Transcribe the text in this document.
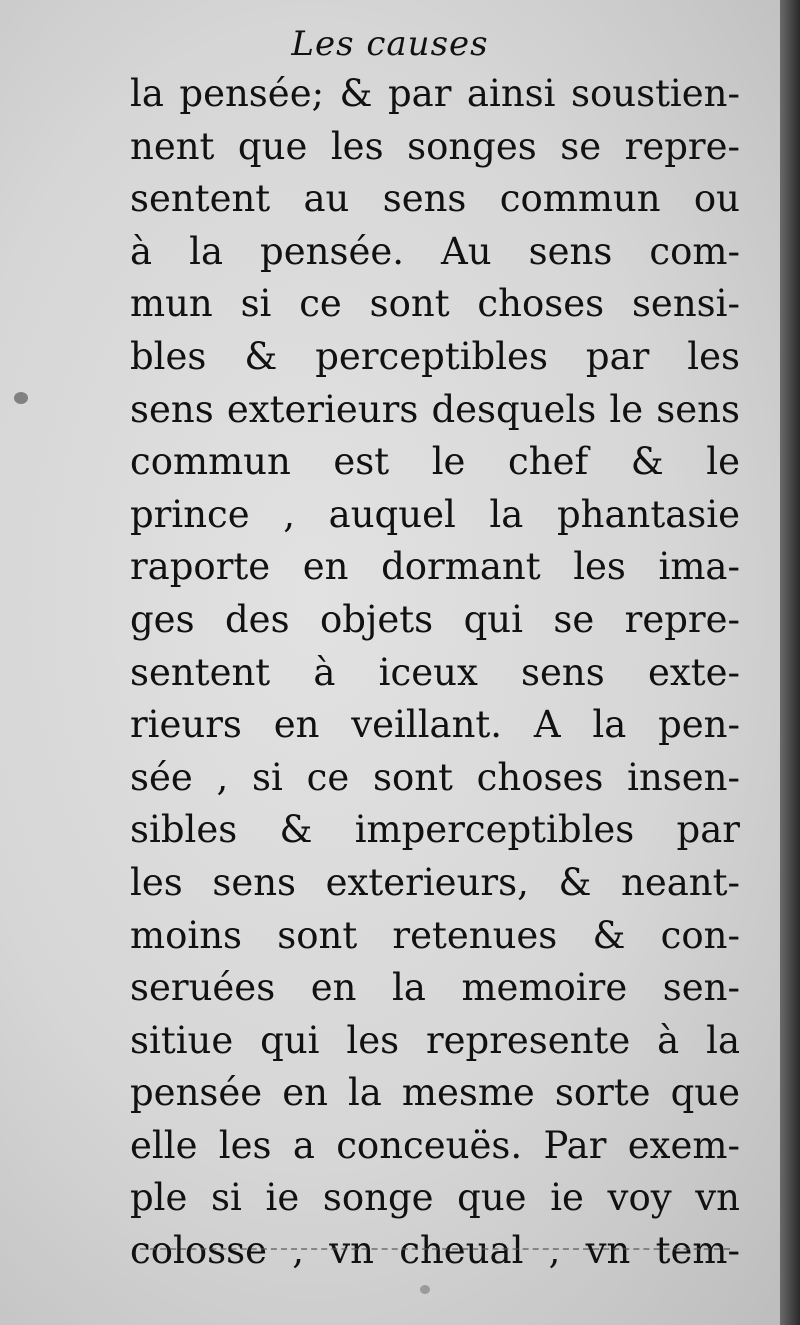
Les causes
la pensée; & par ainsi soustien-
nent que les songes se repre-
sentent au sens commun ou
à la pensée. Au sens com-
mun si ce sont choses sensi-
bles & perceptibles par les
sens exterieurs desquels le sens
commun est le chef & le
prince , auquel la phantasie
raporte en dormant les ima-
ges des objets qui se repre-
sentent à iceux sens exte-
rieurs en veillant. A la pen-
sée , si ce sont choses insen-
sibles & imperceptibles par
les sens exterieurs, & neant-
moins sont retenues & con-
seruées en la memoire sen-
sitiue qui les represente à la
pensée en la mesme sorte que
elle les a conceuës. Par exem-
ple si ie songe que ie voy vn
colosse , vn cheual , vn tem-
